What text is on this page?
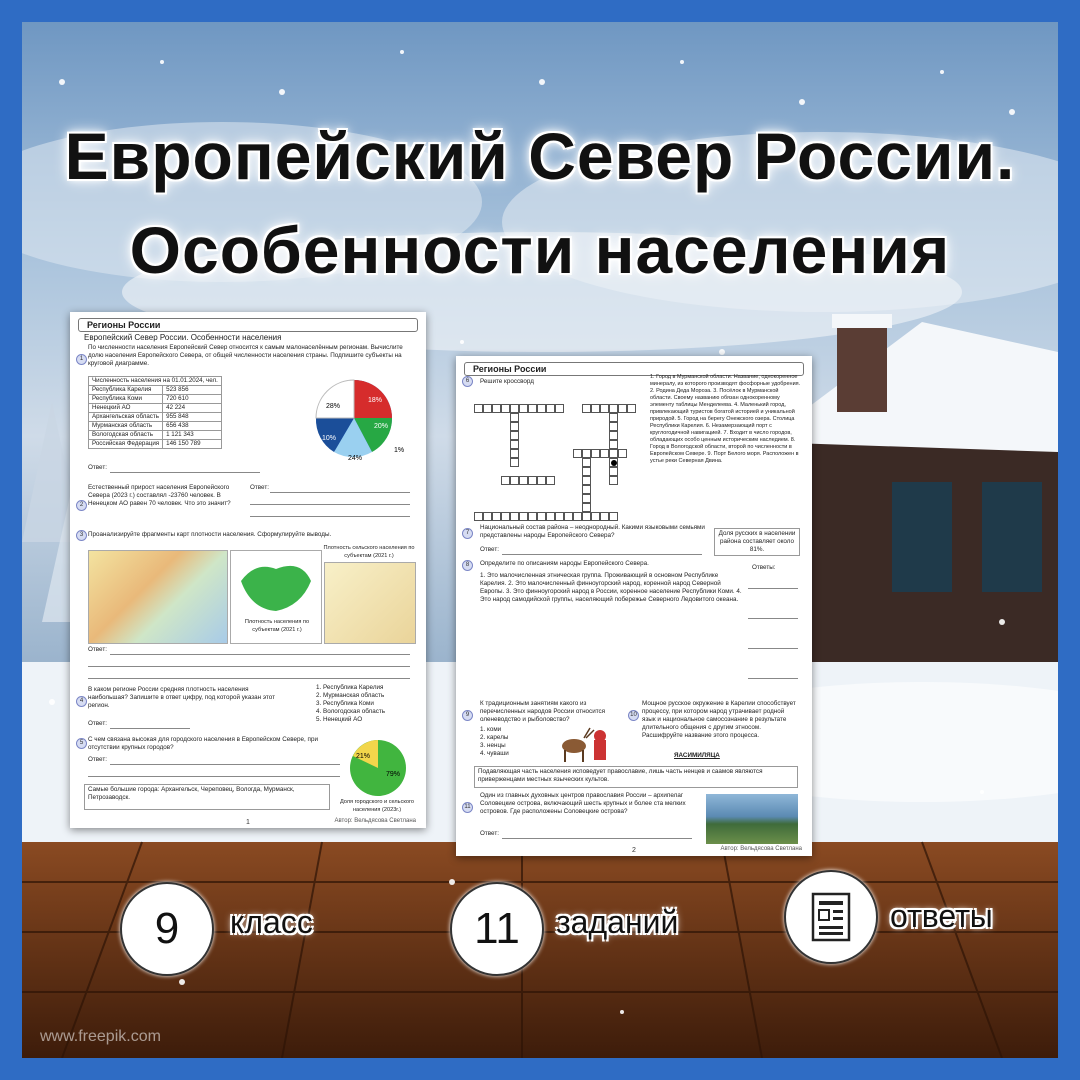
Европейский Север России.
Особенности населения
Регионы России
Европейский Север России. Особенности населения
1
По численности населения Европейский Север относится к самым малонаселённым регионам. Вычислите долю населения Европейского Севера, от общей численности населения страны. Подпишите субъекты на круговой диаграмме.
Численность населения на 01.01.2024, чел.	
Республика Карелия	523 856
Республика Коми	720 610
Ненецкий АО	42 224
Архангельская область	955 848
Мурманская область	656 438
Вологодская область	1 121 343
Российская Федерация	146 150 789
28%
18%
20%
1%
24%
10%
Ответ:
2
Естественный прирост населения Европейского Севера (2023 г.) составлял -23760 человек. В Ненецком АО равен 70 человек. Что это значит?
Ответ:
3 Проанализируйте фрагменты карт плотности населения. Сформулируйте выводы.
Плотность населения по субъектам (2021 г.)
Плотность сельского населения по субъектам (2021 г.)
Ответ:
4
В каком регионе России средняя плотность населения наибольшая? Запишите в ответ цифру, под которой указан этот регион.
1. Республика Карелия
2. Мурманская область
3. Республика Коми
4. Вологодская область
5. Ненецкий АО
Ответ:
5 С чем связана высокая для городского населения в Европейском Севере, при отсутствии крупных городов?
Ответ:
Самые большие города: Архангельск, Череповец, Вологда, Мурманск, Петрозаводск.
21%
79%
Доля городского и сельского населения (2023г.)
Автор: Вельдясова Светлана
1
Регионы России
6	Решите кроссворд
1. Город в Мурманской области. Название, однокоренное минералу, из которого производят фосфорные удобрения. 2. Родина Деда Мороза. 3. Посёлок в Мурманской области. Своему названию обязан однокоренному элементу таблицы Менделеева. 4. Маленький город, привлекающий туристов богатой историей и уникальной природой. 5. Город на берегу Онежского озера. Столица Республики Карелия. 6. Незамерзающий порт с круглогодичной навигацией. 7. Входит в число городов, обладающих особо ценным историческим наследием. 8. Город в Вологодской области, второй по численности в Европейском Севере. 9. Порт Белого моря. Расположен в устье реки Северная Двина.
7
Национальный состав района – неоднородный. Какими языковыми семьями представлены народы Европейского Севера?	Доля русских в населении района составляет около 81%.
Ответ:
8	Определите по описаниям народы Европейского Севера.
Ответы:
1. Это малочисленная этническая группа. Проживающий в основном Республике Карелия. 2. Это малочисленный финноугорский народ, коренной народ Северной Европы. 3. Это финноугорский народ в России, коренное население Республики Коми. 4. Это народ самодийской группы, населяющий побережье Северного Ледовитого океана.
9
К традиционным занятиям какого из перечисленных народов России относится оленеводство и рыболовство?
1. коми
2. карелы
3. ненцы
4. чуваши
10
Мощное русское окружение в Карелии способствует процессу, при котором народ утрачивает родной язык и национальное самосознание в результате длительного общения с другим этносом. Расшифруйте название этого процесса.
ЯАСИМИЛЯЦА
Подавляющая часть населения исповедует православие, лишь часть ненцев и саамов являются приверженцами местных языческих культов.
11
Один из главных духовных центров православия России – архипелаг Соловецкие острова, включающий шесть крупных и более ста мелких островов. Где расположены Соловецкие острова?
Ответ:
Автор: Вельдясова Светлана
2
9	класс	11	заданий	ответы
www.freepik.com
